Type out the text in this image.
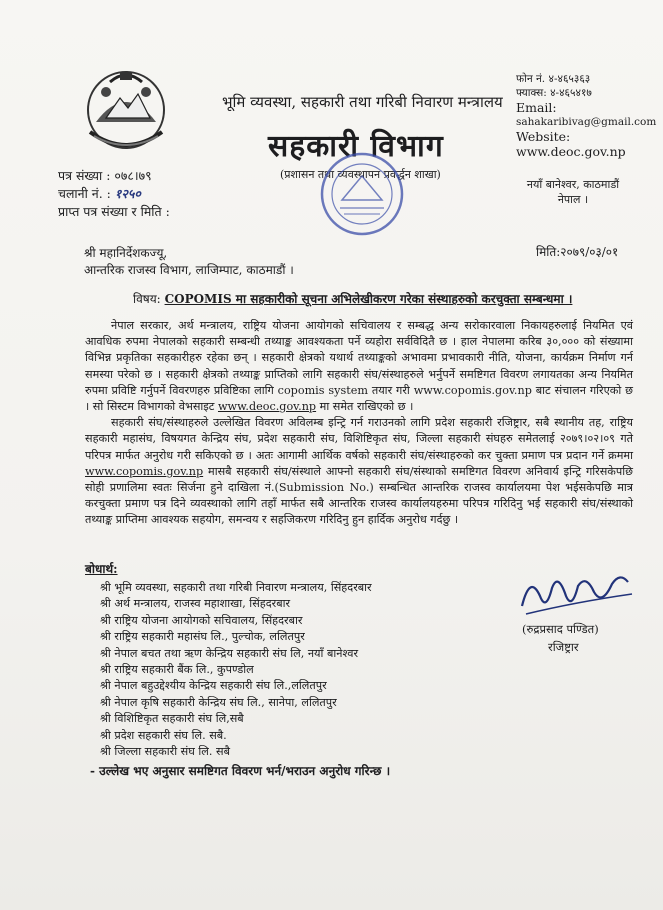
भूमि व्यवस्था, सहकारी तथा गरिबी निवारण मन्त्रालय
सहकारी विभाग
(प्रशासन तथा व्यवस्थापन प्रवर्द्धन शाखा)
फोन नं. ४-४६५३६३
फ्याक्स: ४-४६५४१७
Email:
sahakaribivag@gmail.com
Website:
www.deoc.gov.np
नयाँ बानेश्वर, काठमाडौं
नेपाल ।
पत्र संख्या : ०७८।७९
चलानी नं. : १२५०
प्राप्त पत्र संख्या र मिति :
श्री महानिर्देशकज्यू,
आन्तरिक राजस्व विभाग, लाजिम्पाट, काठमाडौं ।
मिति:२०७९/०३/०१
विषय: COPOMIS मा सहकारीको सूचना अभिलेखीकरण गरेका संस्थाहरुको करचुक्ता सम्बन्धमा ।

नेपाल सरकार, अर्थ मन्त्रालय, राष्ट्रिय योजना आयोगको सचिवालय र सम्बद्ध अन्य सरोकारवाला निकायहरुलाई नियमित एवं आवधिक रुपमा नेपालको सहकारी सम्बन्धी तथ्याङ्क आवश्यकता पर्ने व्यहोरा सर्वविदितै छ । हाल नेपालमा करिब ३०,००० को संख्यामा विभिन्न प्रकृतिका सहकारीहरु रहेका छन् । सहकारी क्षेत्रको यथार्थ तथ्याङ्कको अभावमा प्रभावकारी नीति, योजना, कार्यक्रम निर्माण गर्न समस्या परेको छ । सहकारी क्षेत्रको तथ्याङ्क प्राप्तिको लागि सहकारी संघ/संस्थाहरुले भर्नुपर्ने समष्टिगत विवरण लगायतका अन्य नियमित रुपमा प्रविष्टि गर्नुपर्ने विवरणहरु प्रविष्टिका लागि copomis system तयार गरी www.copomis.gov.np बाट संचालन गरिएको छ । सो सिस्टम विभागको वेभसाइट www.deoc.gov.np मा समेत राखिएको छ ।

सहकारी संघ/संस्थाहरुले उल्लेखित विवरण अविलम्ब इन्ट्रि गर्न गराउनको लागि प्रदेश सहकारी रजिष्ट्रार, सबै स्थानीय तह, राष्ट्रिय सहकारी महासंघ, विषयगत केन्द्रिय संघ, प्रदेश सहकारी संघ, विशिष्टिकृत संघ, जिल्ला सहकारी संघहरु समेतलाई २०७९।०२।०९ गते परिपत्र मार्फत अनुरोध गरी सकिएको छ । अतः आगामी आर्थिक वर्षको सहकारी संघ/संस्थाहरुको कर चुक्ता प्रमाण पत्र प्रदान गर्ने क्रममा www.copomis.gov.np मासबै सहकारी संघ/संस्थाले आफ्नो सहकारी संघ/संस्थाको समष्टिगत विवरण अनिवार्य इन्ट्रि गरिसकेपछि सोही प्रणालिमा स्वतः सिर्जना हुने दाखिला नं.(Submission No.) सम्बन्धित आन्तरिक राजस्व कार्यालयमा पेश भईसकेपछि मात्र करचुक्ता प्रमाण पत्र दिने व्यवस्थाको लागि तहाँ मार्फत सबै आन्तरिक राजस्व कार्यालयहरुमा परिपत्र गरिदिनु भई सहकारी संघ/संस्थाको तथ्याङ्क प्राप्तिमा आवश्यक सहयोग, समन्वय र सहजिकरण गरिदिनु हुन हार्दिक अनुरोध गर्दछु ।

बोधार्थ:
श्री भूमि व्यवस्था, सहकारी तथा गरिबी निवारण मन्त्रालय, सिंहदरबार
श्री अर्थ मन्त्रालय, राजस्व महाशाखा, सिंहदरबार
श्री राष्ट्रिय योजना आयोगको सचिवालय, सिंहदरबार
श्री राष्ट्रिय सहकारी महासंघ लि., पुल्चोक, ललितपुर
श्री नेपाल बचत तथा ऋण केन्द्रिय सहकारी संघ लि, नयाँ बानेश्वर
श्री राष्ट्रिय सहकारी बैंक लि., कुपण्डोल
श्री नेपाल बहुउद्देश्यीय केन्द्रिय सहकारी संघ लि.,ललितपुर
श्री नेपाल कृषि सहकारी केन्द्रिय संघ लि., सानेपा, ललितपुर
श्री विशिष्टिकृत सहकारी संघ लि,सबै
श्री प्रदेश सहकारी संघ लि. सबै.
श्री जिल्ला सहकारी संघ लि. सबै
- उल्लेख भए अनुसार समष्टिगत विवरण भर्न/भराउन अनुरोध गरिन्छ ।
(रुद्रप्रसाद पण्डित)
रजिष्ट्रार
